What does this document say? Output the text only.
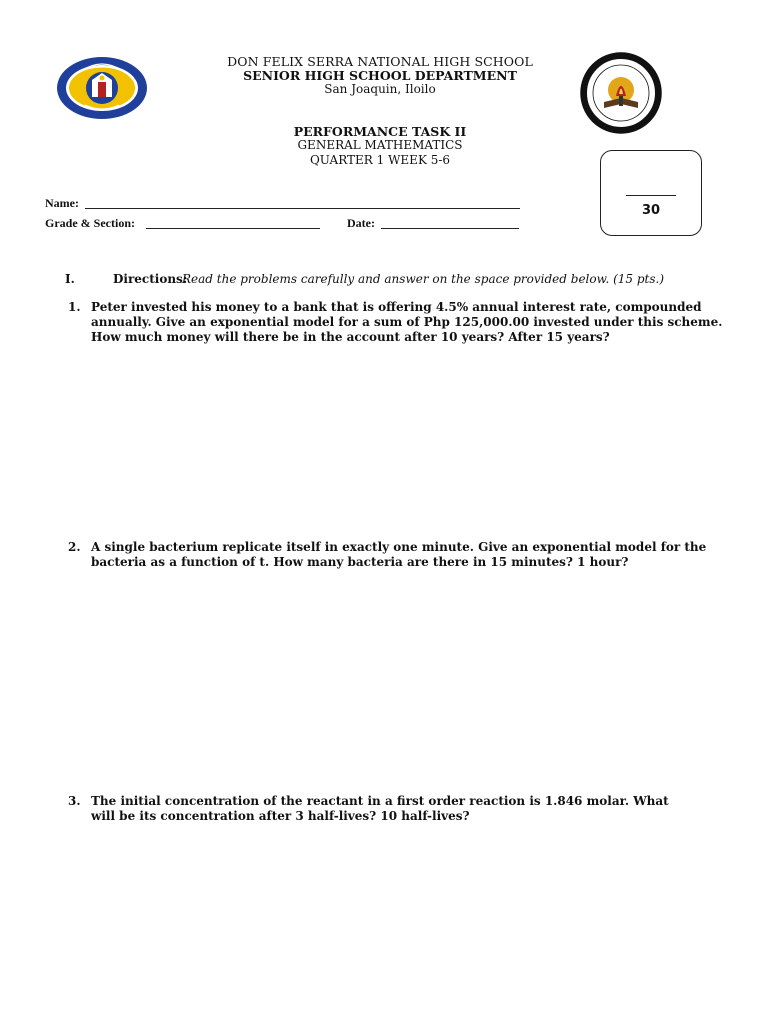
DON FELIX SERRA NATIONAL HIGH SCHOOL
SENIOR HIGH SCHOOL DEPARTMENT
San Joaquin, Iloilo
PERFORMANCE TASK II
GENERAL MATHEMATICS
QUARTER 1 WEEK 5-6
30
Name:
Grade & Section:	Date:
I.	Directions:
Read the problems carefully and answer on the space provided below. (15 pts.)
1. Peter invested his money to a bank that is offering 4.5% annual interest rate, compounded annually. Give an exponential model for a sum of Php 125,000.00 invested under this scheme. How much money will there be in the account after 10 years? After 15 years?
2. A single bacterium replicate itself in exactly one minute. Give an exponential model for the bacteria as a function of t. How many bacteria are there in 15 minutes? 1 hour?
3. The initial concentration of the reactant in a first order reaction is 1.846 molar. What will be its concentration after 3 half-lives? 10 half-lives?
